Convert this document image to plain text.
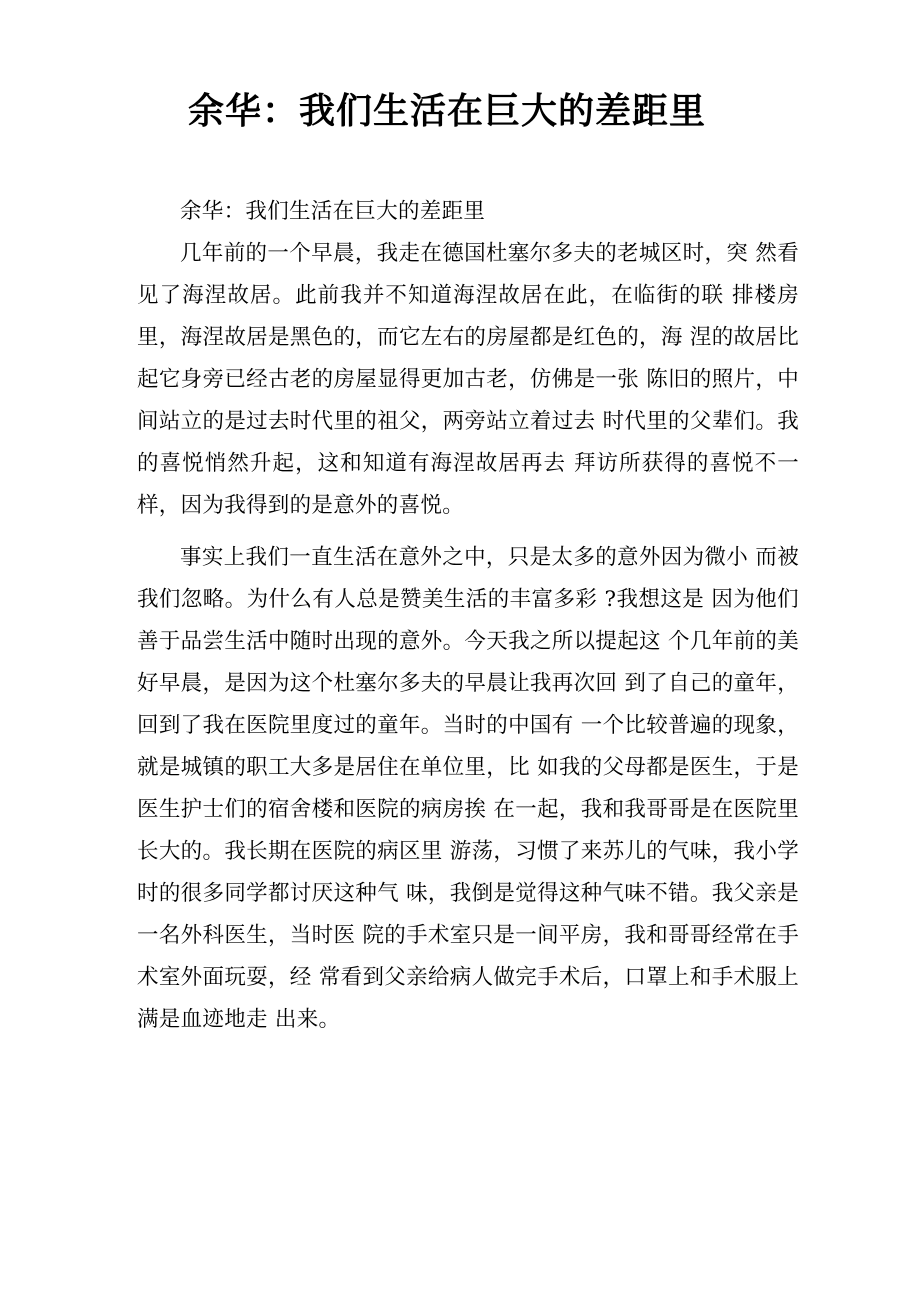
余华：我们生活在巨大的差距里

余华：我们生活在巨大的差距里

几年前的一个早晨，我走在德国杜塞尔多夫的老城区时，突 然看见了海涅故居。此前我并不知道海涅故居在此，在临街的联 排楼房里，海涅故居是黑色的，而它左右的房屋都是红色的，海 涅的故居比起它身旁已经古老的房屋显得更加古老，仿佛是一张 陈旧的照片，中间站立的是过去时代里的祖父，两旁站立着过去 时代里的父辈们。我的喜悦悄然升起，这和知道有海涅故居再去 拜访所获得的喜悦不一样，因为我得到的是意外的喜悦。

事实上我们一直生活在意外之中，只是太多的意外因为微小 而被我们忽略。为什么有人总是赞美生活的丰富多彩 ?我想这是 因为他们善于品尝生活中随时出现的意外。今天我之所以提起这 个几年前的美好早晨，是因为这个杜塞尔多夫的早晨让我再次回 到了自己的童年，回到了我在医院里度过的童年。当时的中国有 一个比较普遍的现象，就是城镇的职工大多是居住在单位里，比 如我的父母都是医生，于是医生护士们的宿舍楼和医院的病房挨 在一起，我和我哥哥是在医院里长大的。我长期在医院的病区里 游荡，习惯了来苏儿的气味，我小学时的很多同学都讨厌这种气 味，我倒是觉得这种气味不错。我父亲是一名外科医生，当时医 院的手术室只是一间平房，我和哥哥经常在手术室外面玩耍，经 常看到父亲给病人做完手术后，口罩上和手术服上满是血迹地走 出来。
